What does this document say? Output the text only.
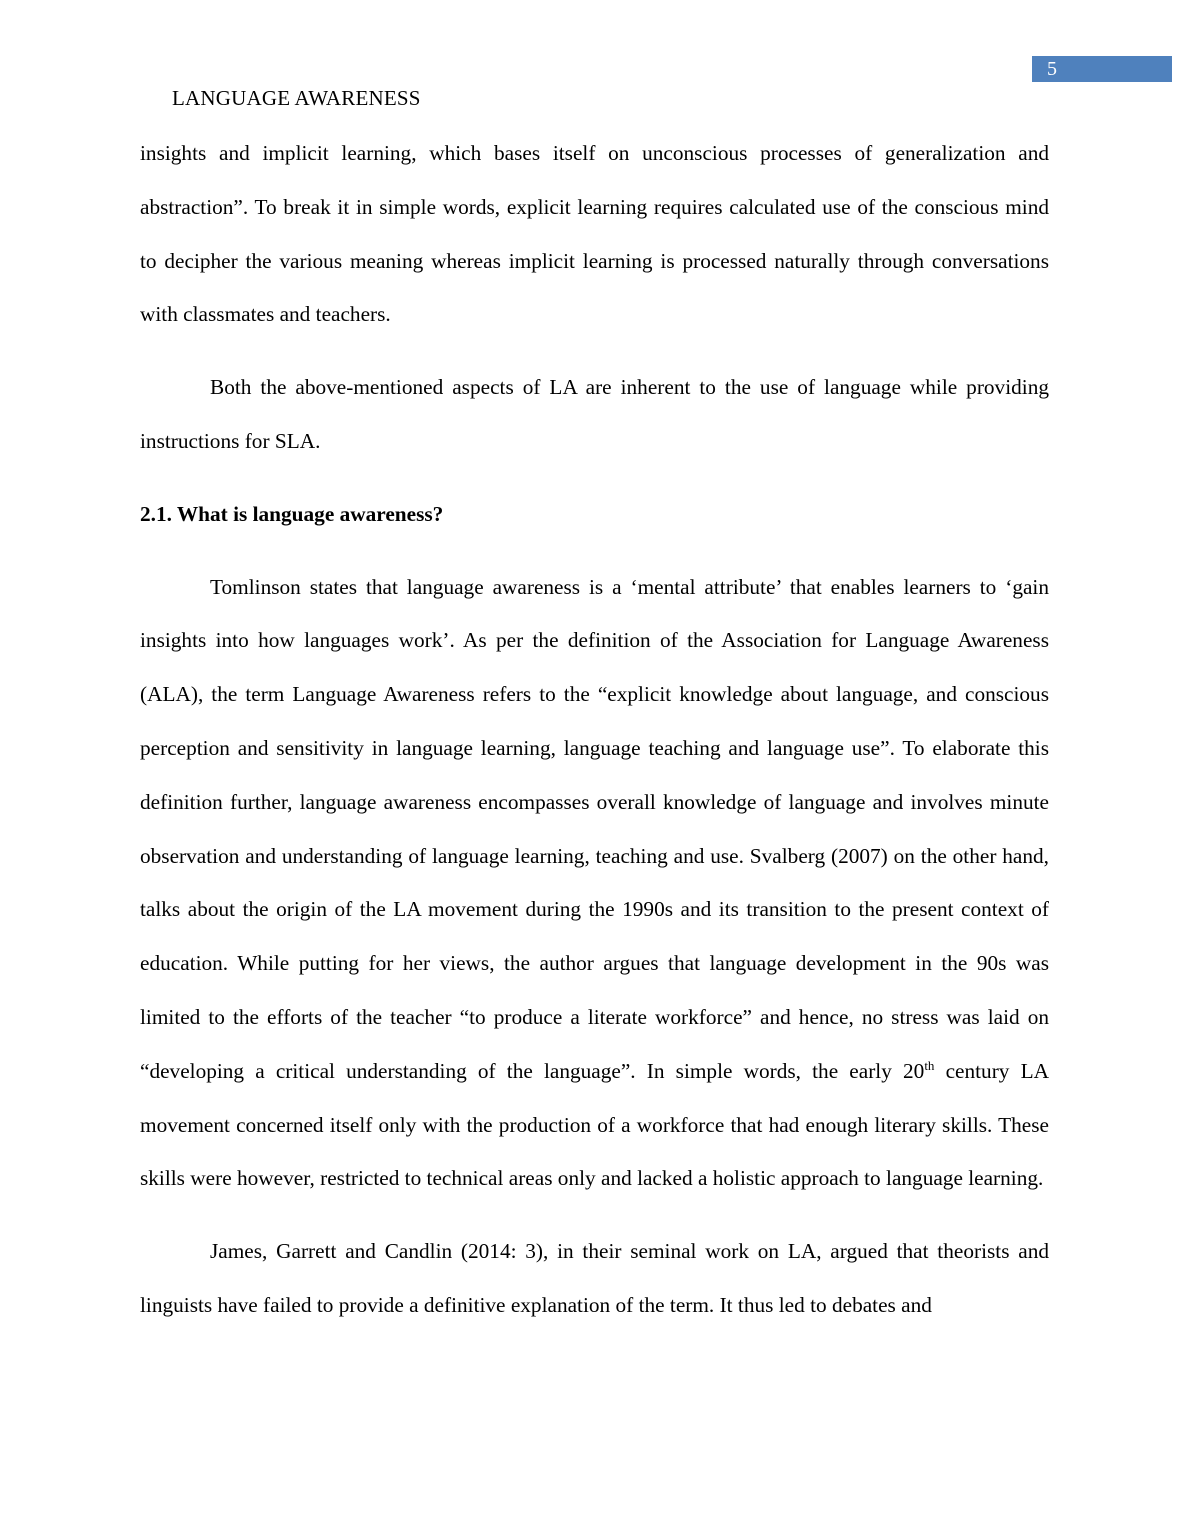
5
LANGUAGE AWARENESS

insights and implicit learning, which bases itself on unconscious processes of generalization and abstraction”. To break it in simple words, explicit learning requires calculated use of the conscious mind to decipher the various meaning whereas implicit learning is processed naturally through conversations with classmates and teachers.

Both the above-mentioned aspects of LA are inherent to the use of language while providing instructions for SLA.

2.1. What is language awareness?

Tomlinson states that language awareness is a ‘mental attribute’ that enables learners to ‘gain insights into how languages work’. As per the definition of the Association for Language Awareness (ALA), the term Language Awareness refers to the “explicit knowledge about language, and conscious perception and sensitivity in language learning, language teaching and language use”. To elaborate this definition further, language awareness encompasses overall knowledge of language and involves minute observation and understanding of language learning, teaching and use. Svalberg (2007) on the other hand, talks about the origin of the LA movement during the 1990s and its transition to the present context of education. While putting for her views, the author argues that language development in the 90s was limited to the efforts of the teacher “to produce a literate workforce” and hence, no stress was laid on “developing a critical understanding of the language”. In simple words, the early 20th century LA movement concerned itself only with the production of a workforce that had enough literary skills. These skills were however, restricted to technical areas only and lacked a holistic approach to language learning.

James, Garrett and Candlin (2014: 3), in their seminal work on LA, argued that theorists and linguists have failed to provide a definitive explanation of the term. It thus led to debates and
